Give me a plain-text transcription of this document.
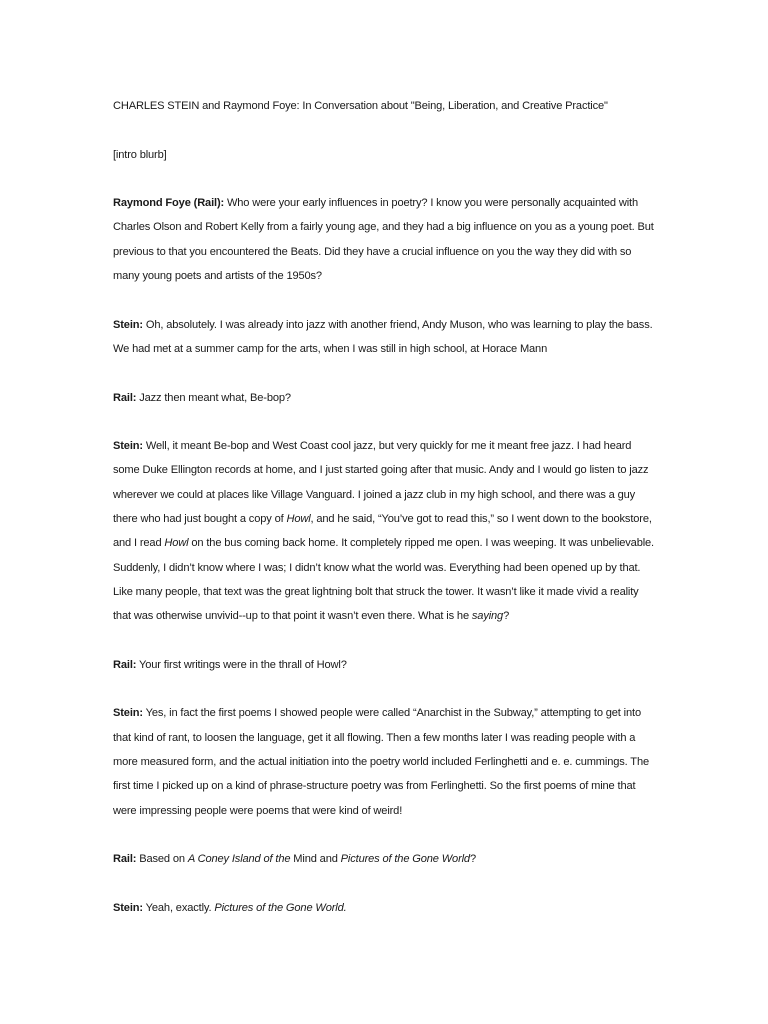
CHARLES STEIN and Raymond Foye: In Conversation about "Being, Liberation, and Creative Practice"

[intro blurb]

Raymond Foye (Rail): Who were your early influences in poetry? I know you were personally acquainted with Charles Olson and Robert Kelly from a fairly young age, and they had a big influence on you as a young poet. But previous to that you encountered the Beats. Did they have a crucial influence on you the way they did with so many young poets and artists of the 1950s?

Stein: Oh, absolutely. I was already into jazz with another friend, Andy Muson, who was learning to play the bass. We had met at a summer camp for the arts, when I was still in high school, at Horace Mann

Rail: Jazz then meant what, Be-bop?

Stein: Well, it meant Be-bop and West Coast cool jazz, but very quickly for me it meant free jazz. I had heard some Duke Ellington records at home, and I just started going after that music. Andy and I would go listen to jazz wherever we could at places like Village Vanguard. I joined a jazz club in my high school, and there was a guy there who had just bought a copy of Howl, and he said, “You’ve got to read this,” so I went down to the bookstore, and I read Howl on the bus coming back home. It completely ripped me open. I was weeping. It was unbelievable. Suddenly, I didn’t know where I was; I didn’t know what the world was. Everything had been opened up by that. Like many people, that text was the great lightning bolt that struck the tower. It wasn’t like it made vivid a reality that was otherwise unvivid--up to that point it wasn’t even there. What is he saying?

Rail: Your first writings were in the thrall of Howl?

Stein: Yes, in fact the first poems I showed people were called “Anarchist in the Subway,” attempting to get into that kind of rant, to loosen the language, get it all flowing. Then a few months later I was reading people with a more measured form, and the actual initiation into the poetry world included Ferlinghetti and e. e. cummings. The first time I picked up on a kind of phrase-structure poetry was from Ferlinghetti. So the first poems of mine that were impressing people were poems that were kind of weird!

Rail: Based on A Coney Island of the Mind and Pictures of the Gone World?

Stein: Yeah, exactly. Pictures of the Gone World.
